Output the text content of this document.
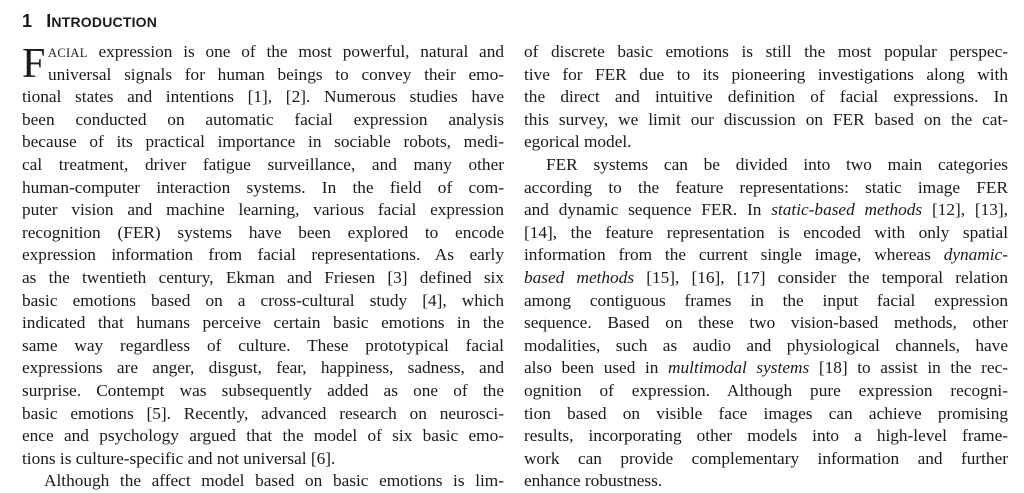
1 INTRODUCTION
F ACIAL expression is one of the most powerful, natural and
universal signals for human beings to convey their emo-
tional states and intentions [1], [2]. Numerous studies have
been conducted on automatic facial expression analysis
because of its practical importance in sociable robots, medi-
cal treatment, driver fatigue surveillance, and many other
human-computer interaction systems. In the field of com-
puter vision and machine learning, various facial expression
recognition (FER) systems have been explored to encode
expression information from facial representations. As early
as the twentieth century, Ekman and Friesen [3] defined six
basic emotions based on a cross-cultural study [4], which
indicated that humans perceive certain basic emotions in the
same way regardless of culture. These prototypical facial
expressions are anger, disgust, fear, happiness, sadness, and
surprise. Contempt was subsequently added as one of the
basic emotions [5]. Recently, advanced research on neurosci-
ence and psychology argued that the model of six basic emo-
tions is culture-specific and not universal [6].
Although the affect model based on basic emotions is lim-
of discrete basic emotions is still the most popular perspec-
tive for FER due to its pioneering investigations along with
the direct and intuitive definition of facial expressions. In
this survey, we limit our discussion on FER based on the cat-
egorical model.
FER systems can be divided into two main categories
according to the feature representations: static image FER
and dynamic sequence FER. In static-based methods [12], [13],
[14], the feature representation is encoded with only spatial
information from the current single image, whereas dynamic-
based methods [15], [16], [17] consider the temporal relation
among contiguous frames in the input facial expression
sequence. Based on these two vision-based methods, other
modalities, such as audio and physiological channels, have
also been used in multimodal systems [18] to assist in the rec-
ognition of expression. Although pure expression recogni-
tion based on visible face images can achieve promising
results, incorporating other models into a high-level frame-
work can provide complementary information and further
enhance robustness.
